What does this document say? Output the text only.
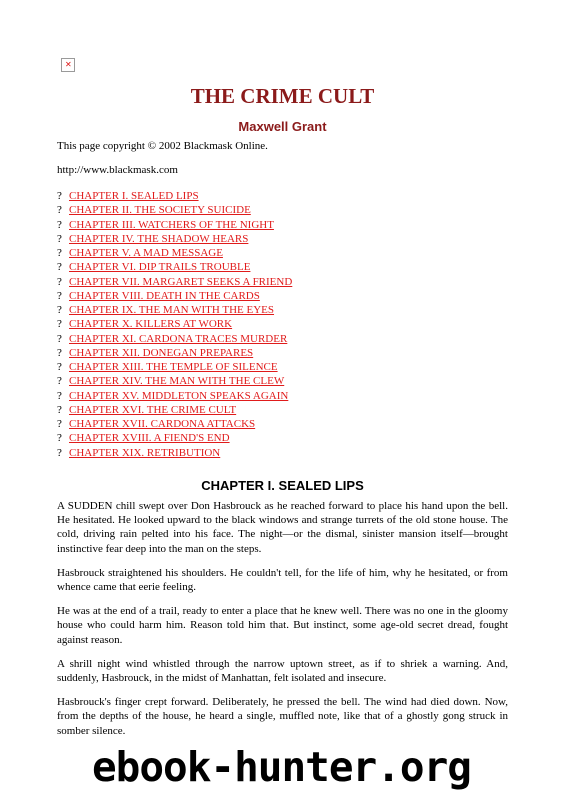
✕
THE CRIME CULT
Maxwell Grant
This page copyright © 2002 Blackmask Online.
http://www.blackmask.com
? CHAPTER I. SEALED LIPS
? CHAPTER II. THE SOCIETY SUICIDE
? CHAPTER III. WATCHERS OF THE NIGHT
? CHAPTER IV. THE SHADOW HEARS
? CHAPTER V. A MAD MESSAGE
? CHAPTER VI. DIP TRAILS TROUBLE
? CHAPTER VII. MARGARET SEEKS A FRIEND
? CHAPTER VIII. DEATH IN THE CARDS
? CHAPTER IX. THE MAN WITH THE EYES
? CHAPTER X. KILLERS AT WORK
? CHAPTER XI. CARDONA TRACES MURDER
? CHAPTER XII. DONEGAN PREPARES
? CHAPTER XIII. THE TEMPLE OF SILENCE
? CHAPTER XIV. THE MAN WITH THE CLEW
? CHAPTER XV. MIDDLETON SPEAKS AGAIN
? CHAPTER XVI. THE CRIME CULT
? CHAPTER XVII. CARDONA ATTACKS
? CHAPTER XVIII. A FIEND'S END
? CHAPTER XIX. RETRIBUTION
CHAPTER I. SEALED LIPS

A SUDDEN chill swept over Don Hasbrouck as he reached forward to place his hand upon the bell. He hesitated. He looked upward to the black windows and strange turrets of the old stone house. The cold, driving rain pelted into his face. The night—or the dismal, sinister mansion itself—brought instinctive fear deep into the man on the steps.

Hasbrouck straightened his shoulders. He couldn't tell, for the life of him, why he hesitated, or from whence came that eerie feeling.

He was at the end of a trail, ready to enter a place that he knew well. There was no one in the gloomy house who could harm him. Reason told him that. But instinct, some age-old secret dread, fought against reason.

A shrill night wind whistled through the narrow uptown street, as if to shriek a warning. And, suddenly, Hasbrouck, in the midst of Manhattan, felt isolated and insecure.

Hasbrouck's finger crept forward. Deliberately, he pressed the bell. The wind had died down. Now, from the depths of the house, he heard a single, muffled note, like that of a ghostly gong struck in somber silence.

ebook-hunter.org
